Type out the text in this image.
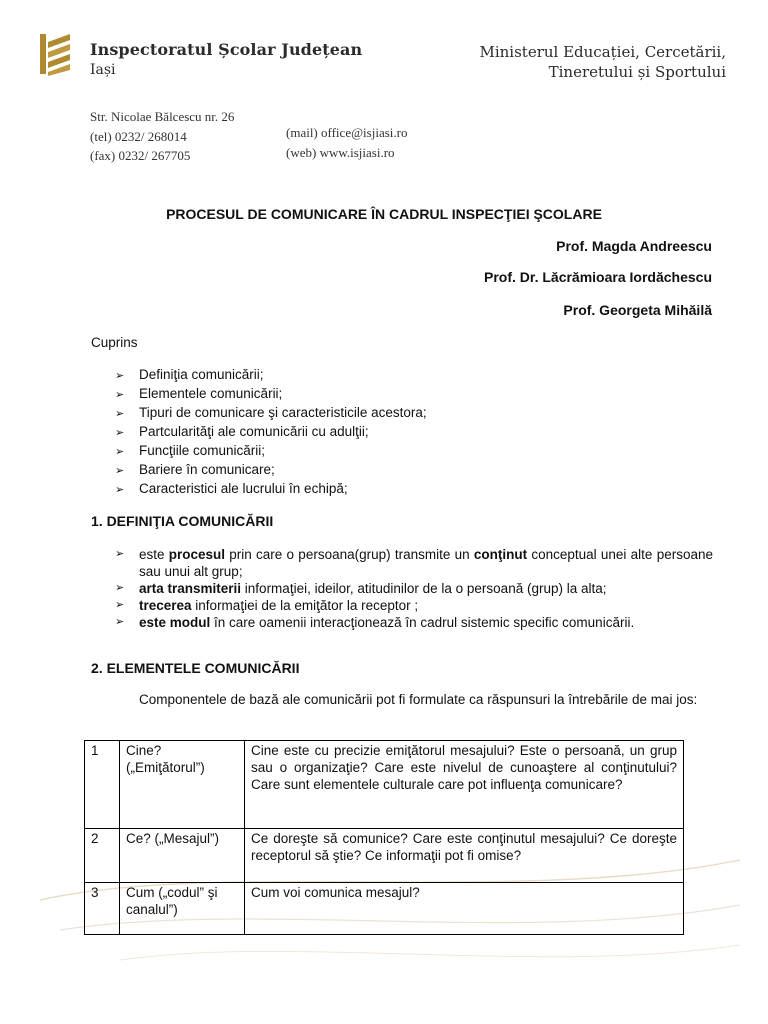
Inspectoratul Școlar Județean
Iași
Ministerul Educației, Cercetării,
Tineretului și Sportului
Str. Nicolae Bălcescu nr. 26
(tel) 0232/ 268014
(fax) 0232/ 267705
(mail) office@isjiasi.ro
(web) www.isjiasi.ro
PROCESUL DE COMUNICARE ÎN CADRUL INSPECŢIEI ŞCOLARE
Prof. Magda Andreescu
Prof. Dr. Lăcrămioara Iordăchescu
Prof. Georgeta Mihăilă
Cuprins
➢ Definiţia comunicării;
➢ Elementele comunicării;
➢ Tipuri de comunicare şi caracteristicile acestora;
➢ Partcularităţi ale comunicării cu adulţii;
➢ Funcţiile comunicării;
➢ Bariere în comunicare;
➢ Caracteristici ale lucrului în echipă;
1. DEFINIŢIA COMUNICĂRII
➢	este procesul prin care o persoana(grup) transmite un conţinut conceptual unei alte persoane sau unui alt grup;
➢	arta transmiterii informaţiei, ideilor, atitudinilor de la o persoană (grup) la alta;
➢	trecerea informaţiei de la emiţător la receptor ;
➢	este modul în care oamenii interacţionează în cadrul sistemic specific comunicării.
2. ELEMENTELE COMUNICĂRII
Componentele de bază ale comunicării pot fi formulate ca răspunsuri la întrebările de mai jos:
1	Cine? („Emiţătorul”)	Cine este cu precizie emiţătorul mesajului? Este o persoană, un grup sau o organizaţie? Care este nivelul de cunoaştere al conţinutului? Care sunt elementele culturale care pot influenţa comunicare?
2	Ce? („Mesajul”)	Ce doreşte să comunice? Care este conţinutul mesajului? Ce doreşte receptorul să ştie? Ce informaţii pot fi omise?
3	Cum („codul” şi canalul”)	Cum voi comunica mesajul?
